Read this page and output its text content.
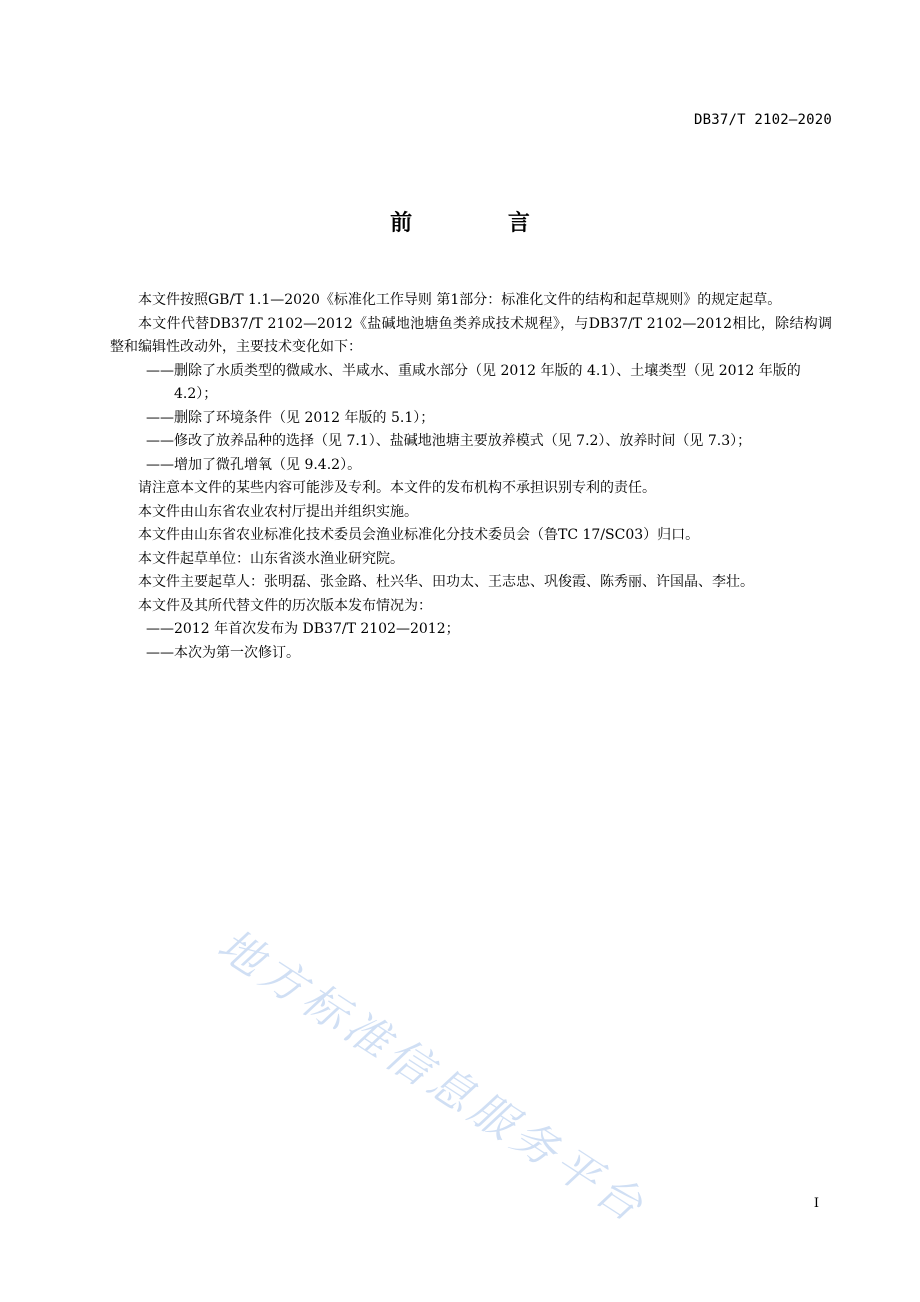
DB37/T 2102—2020
前 言

本文件按照GB/T 1.1—2020《标准化工作导则 第1部分：标准化文件的结构和起草规则》的规定起草。

本文件代替DB37/T 2102—2012《盐碱地池塘鱼类养成技术规程》，与DB37/T 2102—2012相比，除结构调整和编辑性改动外，主要技术变化如下：

——删除了水质类型的微咸水、半咸水、重咸水部分（见 2012 年版的 4.1）、土壤类型（见 2012 年版的 4.2）；

——删除了环境条件（见 2012 年版的 5.1）；

——修改了放养品种的选择（见 7.1）、盐碱地池塘主要放养模式（见 7.2）、放养时间（见 7.3）；

——增加了微孔增氧（见 9.4.2）。

请注意本文件的某些内容可能涉及专利。本文件的发布机构不承担识别专利的责任。

本文件由山东省农业农村厅提出并组织实施。

本文件由山东省农业标准化技术委员会渔业标准化分技术委员会（鲁TC 17/SC03）归口。

本文件起草单位：山东省淡水渔业研究院。

本文件主要起草人：张明磊、张金路、杜兴华、田功太、王志忠、巩俊霞、陈秀丽、许国晶、李壮。

本文件及其所代替文件的历次版本发布情况为：

——2012 年首次发布为 DB37/T 2102—2012；

——本次为第一次修订。

地方标准信息服务平台	I
